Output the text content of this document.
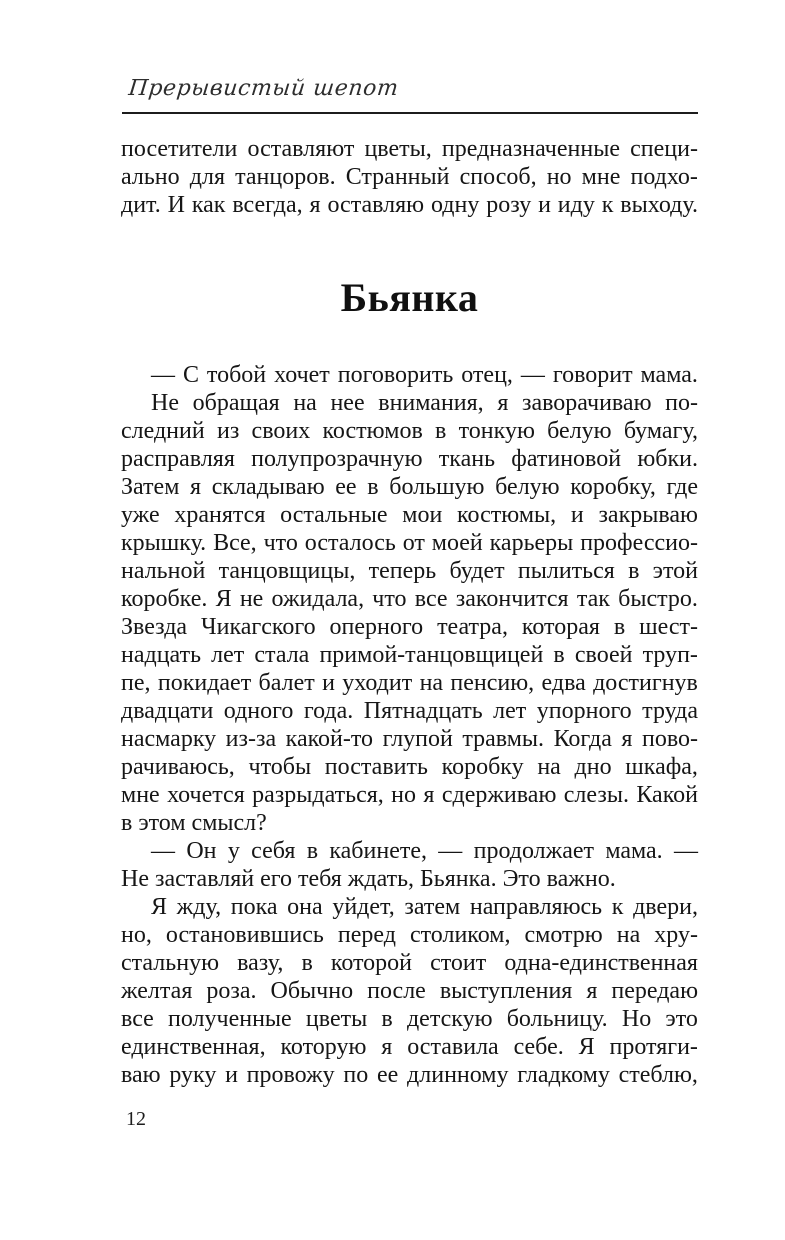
Прерывистый шепот
посетители оставляют цветы, предназначенные специ-
ально для танцоров. Странный способ, но мне подхо-
дит. И как всегда, я оставляю одну розу и иду к выходу.
Бьянка
— С тобой хочет поговорить отец, — говорит мама.
Не обращая на нее внимания, я заворачиваю по-
следний из своих костюмов в тонкую белую бумагу,
расправляя полупрозрачную ткань фатиновой юбки.
Затем я складываю ее в большую белую коробку, где
уже хранятся остальные мои костюмы, и закрываю
крышку. Все, что осталось от моей карьеры профессио-
нальной танцовщицы, теперь будет пылиться в этой
коробке. Я не ожидала, что все закончится так быстро.
Звезда Чикагского оперного театра, которая в шест-
надцать лет стала примой-танцовщицей в своей труп-
пе, покидает балет и уходит на пенсию, едва достигнув
двадцати одного года. Пятнадцать лет упорного труда
насмарку из-за какой-то глупой травмы. Когда я пово-
рачиваюсь, чтобы поставить коробку на дно шкафа,
мне хочется разрыдаться, но я сдерживаю слезы. Какой
в этом смысл?
— Он у себя в кабинете, — продолжает мама. —
Не заставляй его тебя ждать, Бьянка. Это важно.
Я жду, пока она уйдет, затем направляюсь к двери,
но, остановившись перед столиком, смотрю на хру-
стальную вазу, в которой стоит одна-единственная
желтая роза. Обычно после выступления я передаю
все полученные цветы в детскую больницу. Но это
единственная, которую я оставила себе. Я протяги-
ваю руку и провожу по ее длинному гладкому стеблю,
12
